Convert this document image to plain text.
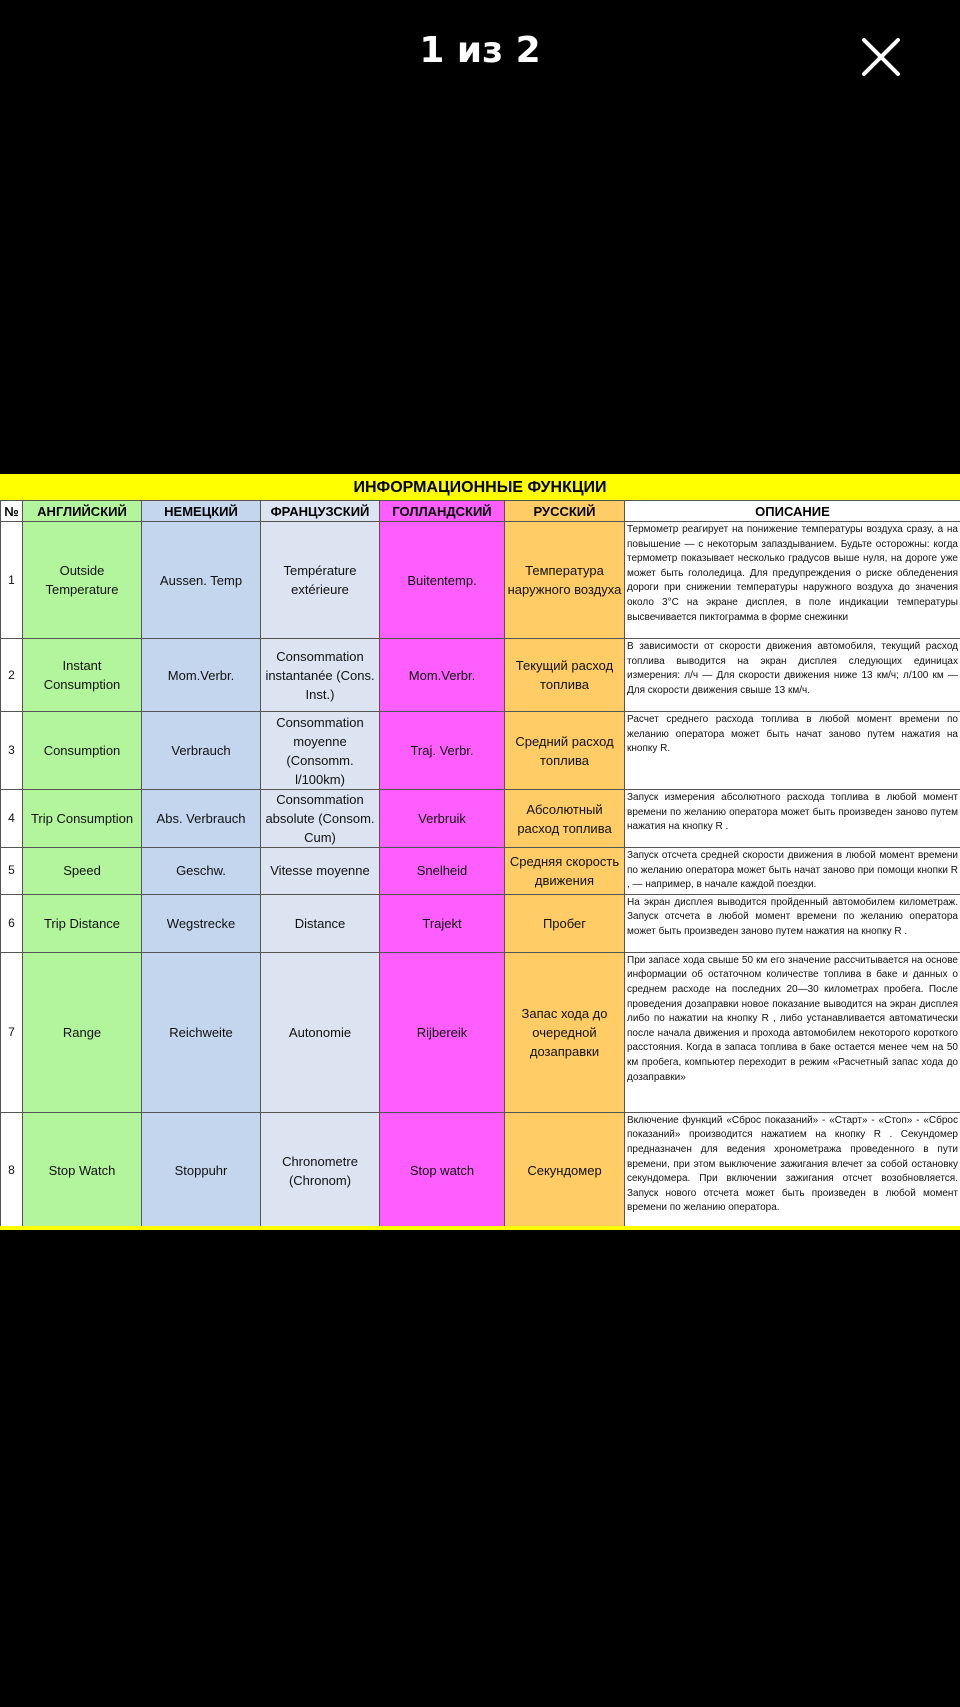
1 из 2
ИНФОРМАЦИОННЫЕ ФУНКЦИИ
№	АНГЛИЙСКИЙ	НЕМЕЦКИЙ	ФРАНЦУЗСКИЙ	ГОЛЛАНДСКИЙ	РУССКИЙ	ОПИСАНИЕ
1	Outside Temperature	Aussen. Temp	Température extérieure	Buitentemp.	Температура наружного воздуха	Термометр реагирует на понижение температуры воздуха сразу, а на повышение — с некоторым запаздыванием. Будьте осторожны: когда термометр показывает несколько градусов выше нуля, на дороге уже может быть гололедица. Для предупреждения о риске обледенения дороги при снижении температуры наружного воздуха до значения около 3°С на экране дисплея, в поле индикации температуры высвечивается пиктограмма в форме снежинки
2	Instant Consumption	Mom.Verbr.	Consommation instantanée (Cons. Inst.)	Mom.Verbr.	Текущий расход топлива	В зависимости от скорости движения автомобиля, текущий расход топлива выводится на экран дисплея следующих единицах измерения: л/ч — Для скорости движения ниже 13 км/ч; л/100 км — Для скорости движения свыше 13 км/ч.
3	Consumption	Verbrauch	Consommation moyenne (Consomm. l/100km)	Traj. Verbr.	Средний расход топлива	Расчет среднего расхода топлива в любой момент времени по желанию оператора может быть начат заново путем нажатия на кнопку R.
4	Trip Consumption	Abs. Verbrauch	Consommation absolute (Consom. Cum)	Verbruik	Абсолютный расход топлива	Запуск измерения абсолютного расхода топлива в любой момент времени по желанию оператора может быть произведен заново путем нажатия на кнопку R .
5	Speed	Geschw.	Vitesse moyenne	Snelheid	Средняя скорость движения	Запуск отсчета средней скорости движения в любой момент времени по желанию оператора может быть начат заново при помощи кнопки R , — например, в начале каждой поездки.
6	Trip Distance	Wegstrecke	Distance	Trajekt	Пробег	На экран дисплея выводится пройденный автомобилем километраж. Запуск отсчета в любой момент времени по желанию оператора может быть произведен заново путем нажатия на кнопку R .
7	Range	Reichweite	Autonomie	Rijbereik	Запас хода до очередной дозаправки	При запасе хода свыше 50 км его значение рассчитывается на основе информации об остаточном количестве топлива в баке и данных о среднем расходе на последних 20—30 километрах пробега. После проведения дозаправки новое показание выводится на экран дисплея либо по нажатии на кнопку R , либо устанавливается автоматически после начала движения и прохода автомобилем некоторого короткого расстояния. Когда в запаса топлива в баке остается менее чем на 50 км пробега, компьютер переходит в режим «Расчетный запас хода до дозаправки»
8	Stop Watch	Stoppuhr	Chronometre (Chronom)	Stop watch	Секундомер	Включение функций «Сброс показаний» - «Старт» - «Стоп» - «Сброс показаний» производится нажатием на кнопку R . Секундомер предназначен для ведения хронометража проведенного в пути времени, при этом выключение зажигания влечет за собой остановку секундомера. При включении зажигания отсчет возобновляется. Запуск нового отсчета может быть произведен в любой момент времени по желанию оператора.
